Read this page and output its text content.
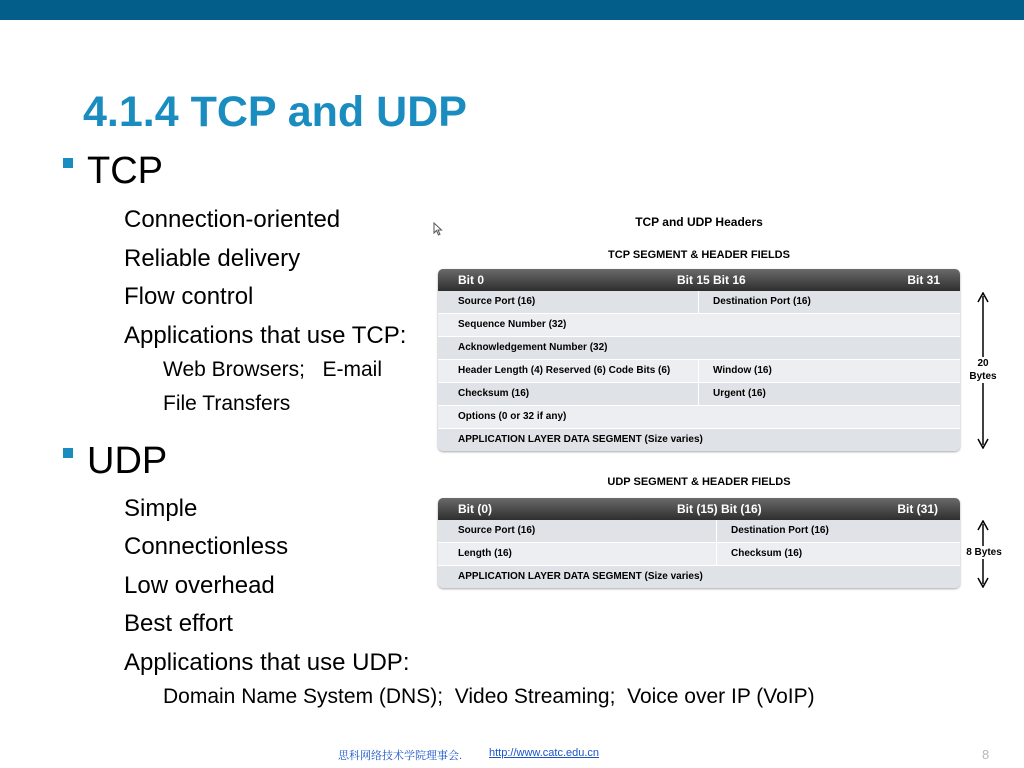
4.1.4 TCP and UDP
TCP
Connection-oriented
Reliable delivery
Flow control
Applications that use TCP:
Web Browsers;   E-mail
File Transfers
UDP
Simple
Connectionless
Low overhead
Best effort
Applications that use UDP:
Domain Name System (DNS);  Video Streaming;  Voice over IP (VoIP)
TCP and UDP Headers
TCP SEGMENT & HEADER FIELDS
Bit 0	Bit 15 Bit 16	Bit 31
Source Port (16)	Destination Port (16)
Sequence Number (32)
Acknowledgement Number (32)
Header Length (4) Reserved (6) Code Bits (6)	Window (16)
Checksum (16)	Urgent (16)
Options (0 or 32 if any)
APPLICATION LAYER DATA SEGMENT (Size varies)
20
Bytes
UDP SEGMENT & HEADER FIELDS
Bit (0)	Bit (15) Bit (16)	Bit (31)
Source Port (16)	Destination Port (16)
Length (16)	Checksum (16)
APPLICATION LAYER DATA SEGMENT (Size varies)
8 Bytes
思科网络技术学院理事会. http://www.catc.edu.cn	8
